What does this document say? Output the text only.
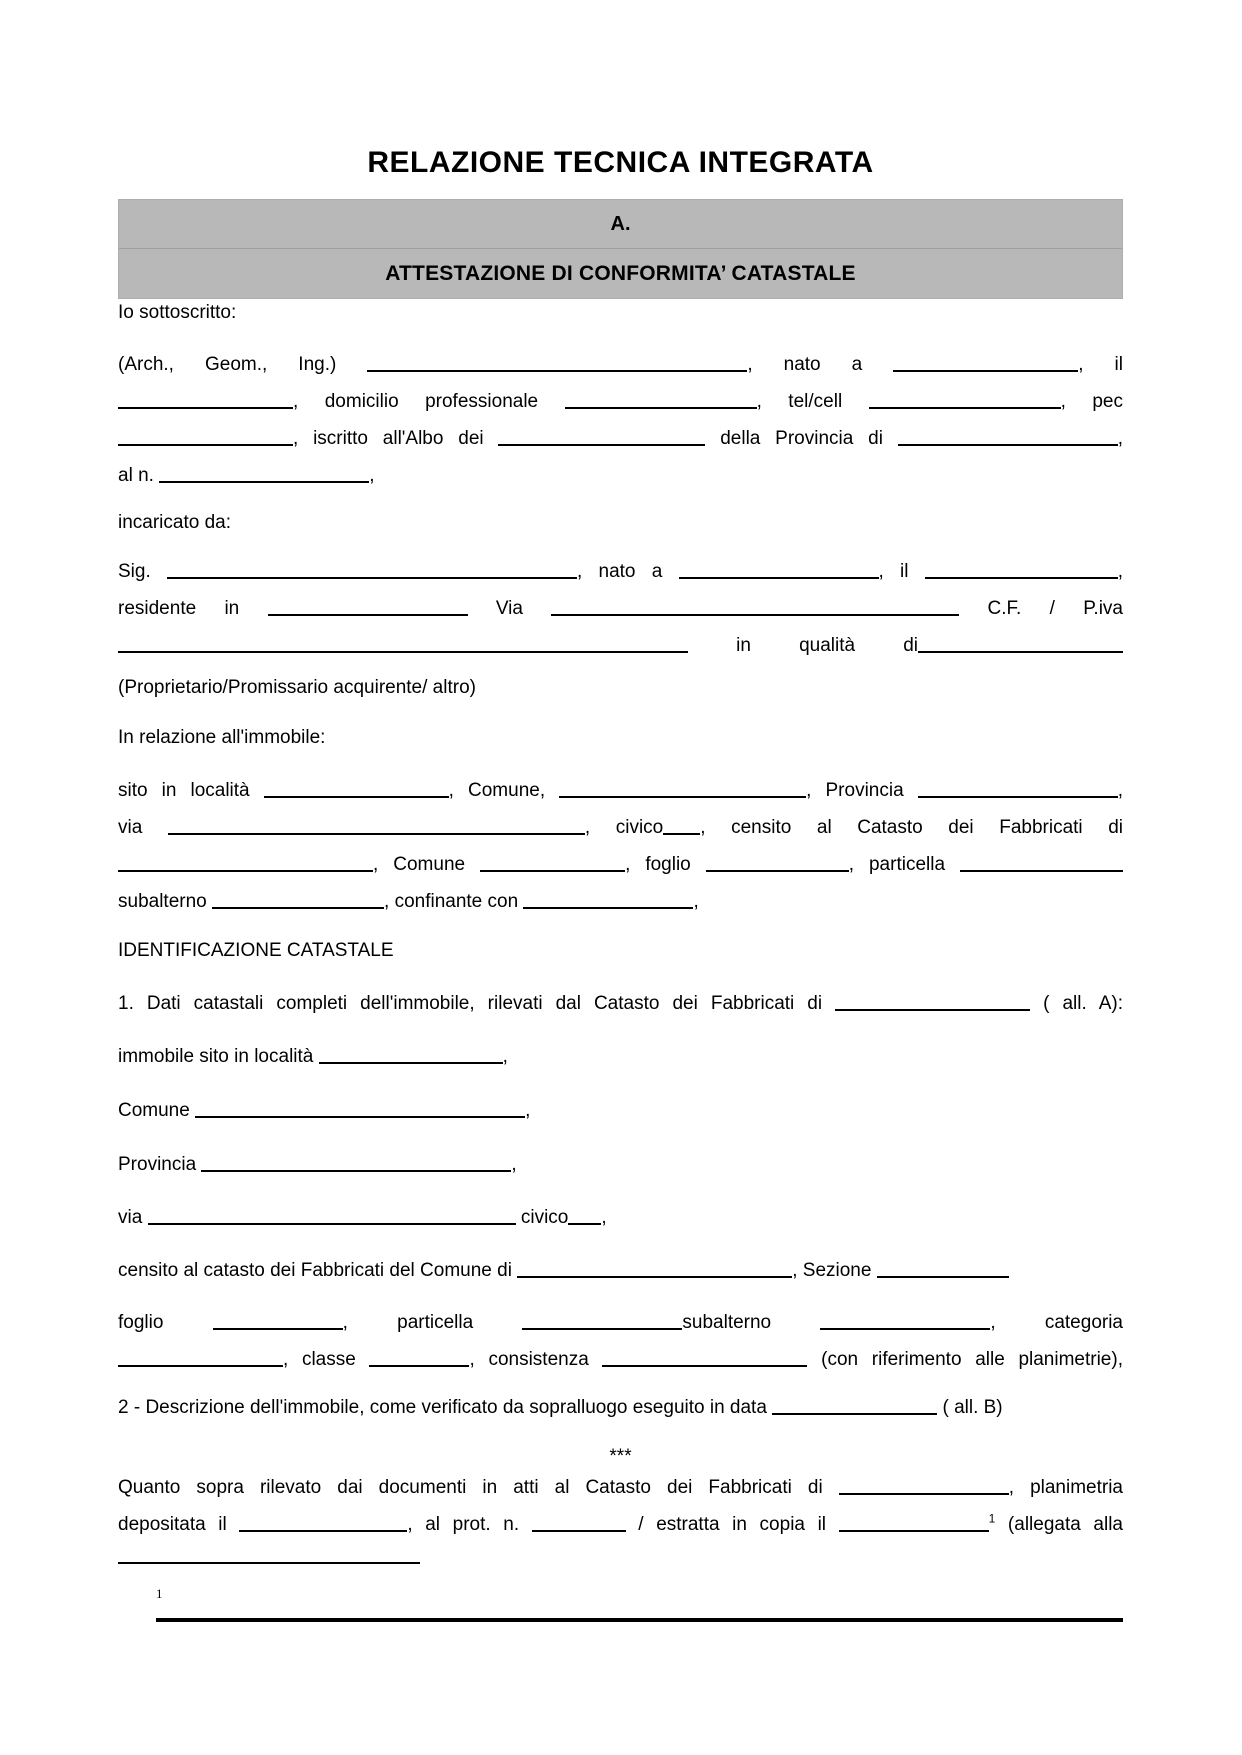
RELAZIONE TECNICA INTEGRATA
A.
ATTESTAZIONE DI CONFORMITA’ CATASTALE
Io sottoscritto:
(Arch., Geom., Ing.)	, nato a	, il
, domicilio professionale	, tel/cell	, pec
, iscritto all'Albo dei	della Provincia di	,
al n.	,
incaricato da:
Sig.	, nato a	, il	,
residente in	Via	C.F. / P.iva
in qualità di
(Proprietario/Promissario acquirente/ altro)
In relazione all'immobile:
sito in località	, Comune,	, Provincia	,
via	, civico , censito al Catasto dei Fabbricati di
, Comune	, foglio	, particella
subalterno	, confinante con	,
IDENTIFICAZIONE CATASTALE
1. Dati catastali completi dell'immobile, rilevati dal Catasto dei Fabbricati di	( all. A):
immobile sito in località	,
Comune	,
Provincia	,
via	civico ,
censito al catasto dei Fabbricati del Comune di	, Sezione
foglio	, particella	subalterno	, categoria
, classe	, consistenza	(con riferimento alle planimetrie),
2 - Descrizione dell'immobile, come verificato da sopralluogo eseguito in data	( all. B)
***
Quanto sopra rilevato dai documenti in atti al Catasto dei Fabbricati di	, planimetria
depositata il	, al prot. n.	/ estratta in copia il	$^1$ (allegata alla
1
